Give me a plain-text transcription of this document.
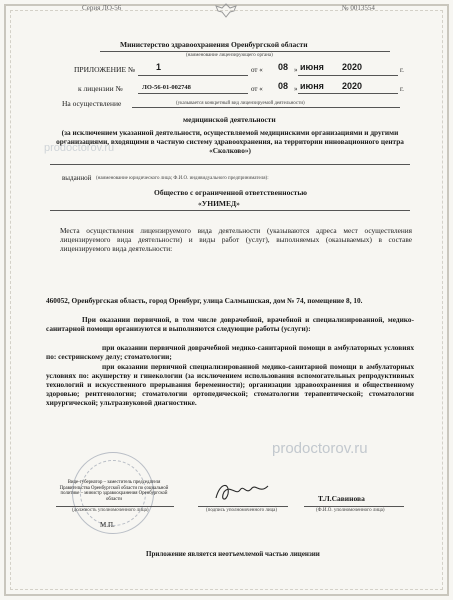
Серия ЛО-56	№ 0013554
Министерство здравоохранения Оренбургской области
(наименование лицензирующего органа)
ПРИЛОЖЕНИЕ № 1	от « 08 » июня 2020	г.
к лицензии №	ЛО-56-01-002748	от « 08 » июня 2020	г.
На осуществление	(указывается конкретный вид лицензируемой деятельности)
медицинской деятельности
(за исключением указанной деятельности, осуществляемой медицинскими организациями и другими организациями, входящими в частную систему здравоохранения, на территории инновационного центра «Сколково»)
выданной (наименование юридического лица; Ф.И.О. индивидуального предпринимателя):
Общество с ограниченной ответственностью
«УНИМЕД»
Места осуществления лицензируемого вида деятельности (указываются адреса мест осуществления лицензируемого вида деятельности) и виды работ (услуг), выполняемых (оказываемых) в составе лицензируемого вида деятельности:
460052, Оренбургская область, город Оренбург, улица Салмышская, дом № 74, помещение 8, 10.
При оказании первичной, в том числе доврачебной, врачебной и специализированной, медико-санитарной помощи организуются и выполняются следующие работы (услуги):
при оказании первичной доврачебной медико-санитарной помощи в амбулаторных условиях по: сестринскому делу; стоматологии;
при оказании первичной специализированной медико-санитарной помощи в амбулаторных условиях по: акушерству и гинекологии (за исключением использования вспомогательных репродуктивных технологий и искусственного прерывания беременности); организации здравоохранения и общественному здоровью; рентгенологии; стоматологии ортопедической; стоматологии терапевтической; стоматологии хирургической; ультразвуковой диагностике.
prodoctorov.ru
prodoctorov.ru
Вице-губернатор – заместитель председателя Правительства Оренбургской области по социальной политике – министр здравоохранения Оренбургской области
(должность уполномоченного лица)
М.П.
(подпись уполномоченного лица)
Т.Л.Савинова
(Ф.И.О. уполномоченного лица)
Приложение является неотъемлемой частью лицензии
